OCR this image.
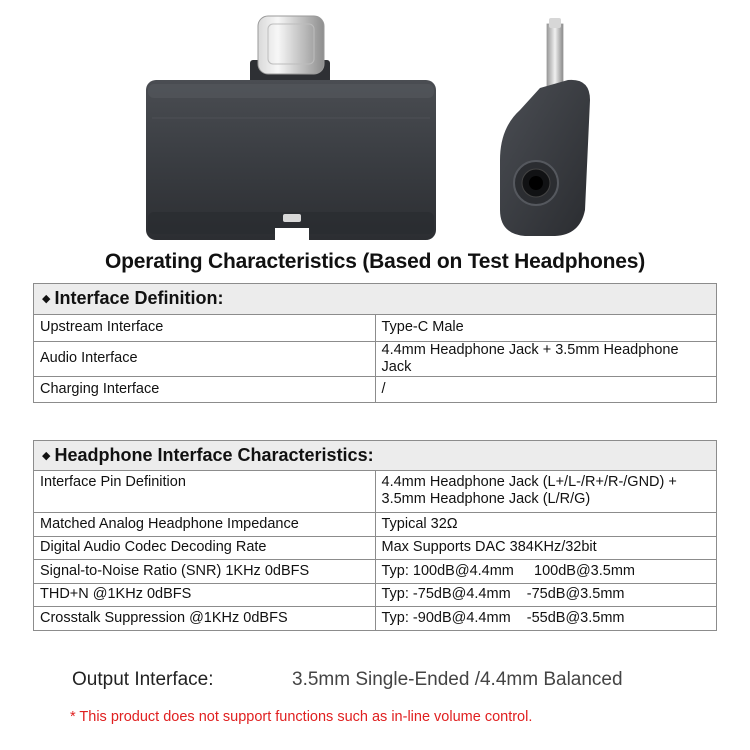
Operating Characteristics (Based on Test Headphones)
◆ Interface Definition:	
Upstream Interface	Type-C Male
Audio Interface	4.4mm Headphone Jack + 3.5mm Headphone Jack
Charging Interface	/
◆ Headphone Interface Characteristics:	
Interface Pin Definition	4.4mm Headphone Jack (L+/L-/R+/R-/GND) + 3.5mm Headphone Jack (L/R/G)
Matched Analog Headphone Impedance	Typical 32Ω
Digital Audio Codec Decoding Rate	Max Supports DAC 384KHz/32bit
Signal-to-Noise Ratio (SNR) 1KHz 0dBFS	Typ: 100dB@4.4mm     100dB@3.5mm
THD+N @1KHz 0dBFS	Typ: -75dB@4.4mm    -75dB@3.5mm
Crosstalk Suppression @1KHz 0dBFS	Typ: -90dB@4.4mm    -55dB@3.5mm
Output Interface:	3.5mm Single-Ended /4.4mm Balanced
* This product does not support functions such as in-line volume control.
